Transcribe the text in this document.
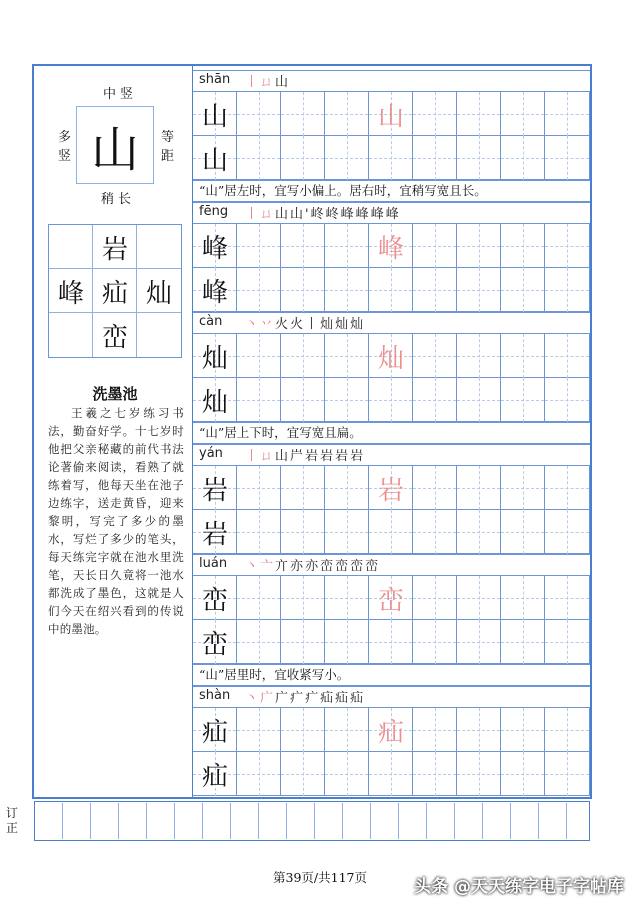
中竖
多
竖
等
距
山
稍长
岩
峰 疝 灿
峦
洗墨池
王羲之七岁练习书法，勤奋好学。十七岁时他把父亲秘藏的前代书法论著偷来阅读，看熟了就练着写，他每天坐在池子边练字，送走黄昏，迎来黎明，写完了多少的墨水，写烂了多少的笔头，每天练完字就在池水里洗笔，天长日久竟将一池水都洗成了墨色，这就是人们今天在绍兴看到的传说中的墨池。
shān 丨ㄩ山
山	山
山
“山”居左时，宜写小偏上。居右时，宜稍写宽且长。
fēng 丨ㄩ山山'峂峂峰峰峰峰
峰	峰
峰
càn 丶丷火火丨灿灿灿
灿	灿
灿
“山”居上下时，宜写宽且扁。
yán 丨ㄩ山屵岩岩岩岩
岩	岩
岩
luán 丶亠亣亦亦峦峦峦峦
峦	峦
峦
“山”居里时，宜收紧写小。
shàn 丶广广疒疒疝疝疝
疝	疝
疝
订
正
第39页/共117页	头条 @天天练字电子字帖库
